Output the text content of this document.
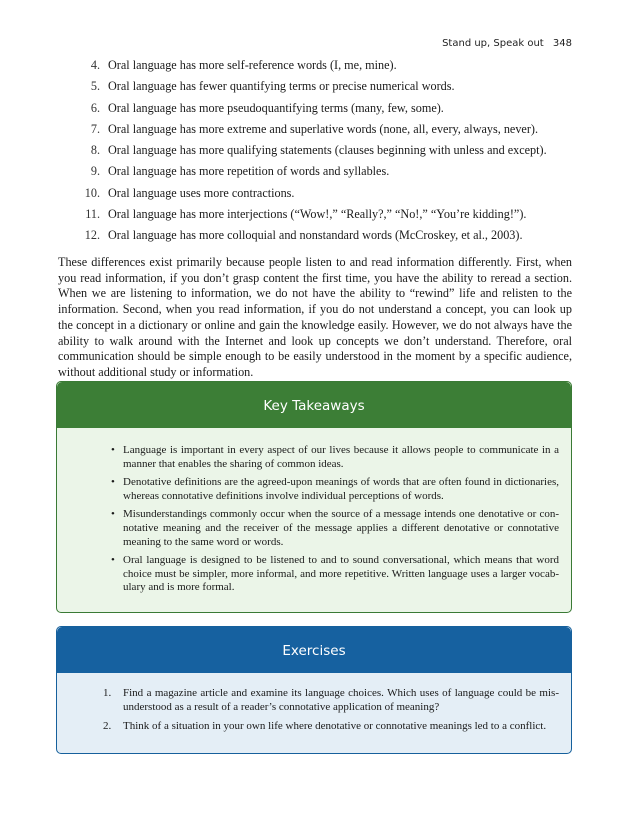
Stand up, Speak out 348
4. Oral language has more self-reference words (I, me, mine).
5. Oral language has fewer quantifying terms or precise numerical words.
6. Oral language has more pseudoquantifying terms (many, few, some).
7. Oral language has more extreme and superlative words (none, all, every, always, never).
8. Oral language has more qualifying statements (clauses beginning with unless and except).
9. Oral language has more repetition of words and syllables.
10. Oral language uses more contractions.
11. Oral language has more interjections (“Wow!,” “Really?,” “No!,” “You’re kidding!”).
12. Oral language has more colloquial and nonstandard words (McCroskey, et al., 2003).

These differences exist primarily because people listen to and read information differently. First, when you read information, if you don’t grasp content the first time, you have the ability to reread a section. When we are listening to information, we do not have the ability to “rewind” life and relisten to the information. Second, when you read information, if you do not understand a concept, you can look up the concept in a dictionary or online and gain the knowledge easily. However, we do not always have the ability to walk around with the Internet and look up concepts we don’t understand. Therefore, oral communication should be simple enough to be easily understood in the moment by a specific audience, without additional study or information.

Key Takeaways
• Language is important in every aspect of our lives because it allows people to communicate in a manner that enables the sharing of common ideas.
• Denotative definitions are the agreed-upon meanings of words that are often found in dictionaries, whereas connotative definitions involve individual perceptions of words.
• Misunderstandings commonly occur when the source of a message intends one denotative or connotative meaning and the receiver of the message applies a different denotative or connotative meaning to the same word or words.
• Oral language is designed to be listened to and to sound conversational, which means that word choice must be simpler, more informal, and more repetitive. Written language uses a larger vocabulary and is more formal.
Exercises
1.	Find a magazine article and examine its language choices. Which uses of language could be misunderstood as a result of a reader’s connotative application of meaning?
2.	Think of a situation in your own life where denotative or connotative meanings led to a conflict.
